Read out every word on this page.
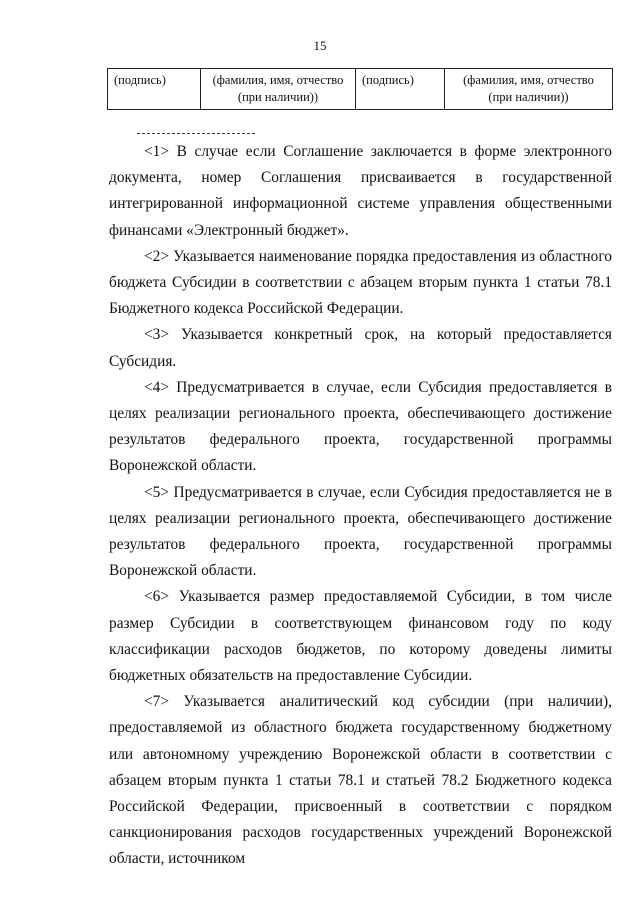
15
(подпись)	(фамилия, имя, отчество (при наличии))	(подпись)	(фамилия, имя, отчество (при наличии))

<1> В случае если Соглашение заключается в форме электронного документа, номер Соглашения присваивается в государственной интегрированной информационной системе управления общественными финансами «Электронный бюджет».

<2> Указывается наименование порядка предоставления из областного бюджета Субсидии в соответствии с абзацем вторым пункта 1 статьи 78.1 Бюджетного кодекса Российской Федерации.

<3> Указывается конкретный срок, на который предоставляется Субсидия.

<4> Предусматривается в случае, если Субсидия предоставляется в целях реализации регионального проекта, обеспечивающего достижение результатов федерального проекта, государственной программы Воронежской области.

<5> Предусматривается в случае, если Субсидия предоставляется не в целях реализации регионального проекта, обеспечивающего достижение результатов федерального проекта, государственной программы Воронежской области.

<6> Указывается размер предоставляемой Субсидии, в том числе размер Субсидии в соответствующем финансовом году по коду классификации расходов бюджетов, по которому доведены лимиты бюджетных обязательств на предоставление Субсидии.

<7> Указывается аналитический код субсидии (при наличии), предоставляемой из областного бюджета государственному бюджетному или автономному учреждению Воронежской области в соответствии с абзацем вторым пункта 1 статьи 78.1 и статьей 78.2 Бюджетного кодекса Российской Федерации, присвоенный в соответствии с порядком санкционирования расходов государственных учреждений Воронежской области, источником
